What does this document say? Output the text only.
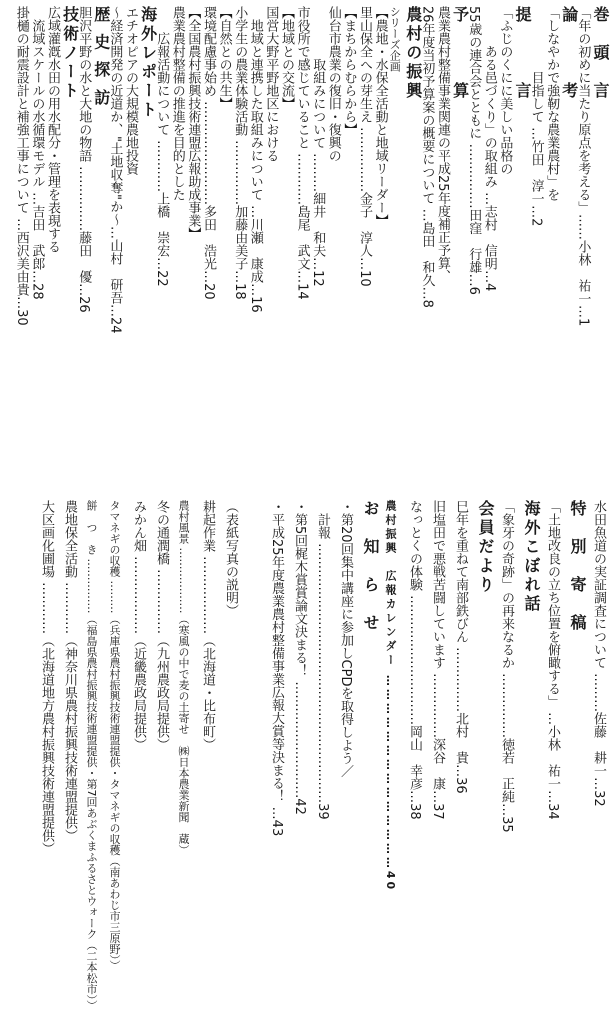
巻　頭　言
「年の初めに当たり原点を考える」……小林　祐一…1
論　　　考
「しなやかで強靭な農業農村」を
　　　　　目指して …竹田　淳一…2
提　　　言
「ふじのくにに美しい品格の
　　　ある邑づくり」の取組み …志村　信明…4
55歳の連合会とともに ……………田窪　行雄…6
予　　　算
農業農村整備事業関連の平成25年度補正予算、
26年度当初予算案の概要について …島田　和久…8
農村の振興
シリーズ企画
【農地・水保全活動と地域リーダー】
里山保全への芽生え ……………金子　淳人…10
【まちからむらから】
仙台市農業の復旧・復興の
　　　　取組みについて ………細井　和夫…12
市役所で感じていること …………島尾　武文…14
【地域との交流】
国営大野平野地区における
　地域と連携した取組みについて …川瀬　康成…16
小学生の農業体験活動 ……………加藤由美子…18
【自然との共生】
環境配慮事始め ……………………多田　浩光…20
【全国農村振興技術連盟広報助成事業】
農業農村整備の推進を目的とした
　　広報活動について …………上橋　崇宏…22
海外レポート
エチオピアの大規模農地投資
～経済開発の近道か、"土地収奪"か～…山村　研吾…24
歴 史 探 訪
胆沢平野の水と大地の物語 ……………藤田　優…26
技術ノート
広域灌漑水田の用水配分・管理を表現する
　流域スケールの水循環モデル …吉田　武郎…28
掛樋の耐震設計と補強工事について …西沢美由貴…30
水田魚道の実証調査について ………佐藤　耕一…32
特　別　寄　稿
「土地改良の立ち位置を俯瞰する」 …小林　祐一…34
海外こぼれ話
「象牙の奇跡」の再来なるか ……………徳若　正純…35
会員だより
巳年を重ねて南部鉄びん ……………北村　貴…36
旧塩田で悪戦苦闘しています ……………深谷　康…37
なっとくの体験 …………………………岡山　幸彦…38
農村振興　広報カレンダー ……………………………………40
お　知　ら　せ
・第20回集中講座に参加しCPDを取得しよう／
　計報 ……………………………………………………39
・第5回梶木賞賞論文決まる！ ………………………42
・平成25年度農業農村整備事業広報大賞等決まる！ …43
（表紙写真の説明）
耕起作業 ………………（北海道・比布町）
農村風景 ………………（寒風の中で麦の土寄せ　㈱日本農業新聞　蔵）
冬の通潤橋 ……………（九州農政局提供）
みかん畑 ………………（近畿農政局提供）
タマネギの収穫 ………（兵庫県農村振興技術連盟提供・タマネギの収穫（南あわじ市三原野））
餅　つ　き ……………（福島県農村振興技術連盟提供・第7回あぶくまふるさとウォーク（二本松市））
農地保全活動 …………（神奈川県農村振興技術連盟提供）
大区画化圃場 …………（北海道地方農村振興技術連盟提供）
